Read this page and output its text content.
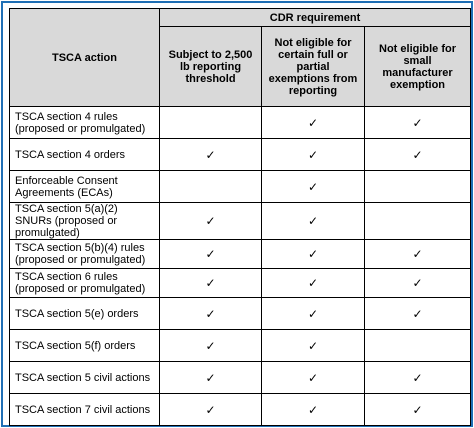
TSCA action	CDR requirement		
	Subject to 2,500 lb reporting threshold	Not eligible for certain full or partial exemptions from reporting	Not eligible for small manufacturer exemption
TSCA section 4 rules (proposed or promulgated)		✓	✓
TSCA section 4 orders	✓	✓	✓
Enforceable Consent Agreements (ECAs)		✓	
TSCA section 5(a)(2) SNURs (proposed or promulgated)	✓	✓	
TSCA section 5(b)(4) rules (proposed or promulgated)	✓	✓	✓
TSCA section 6 rules (proposed or promulgated)	✓	✓	✓
TSCA section 5(e) orders	✓	✓	✓
TSCA section 5(f) orders	✓	✓	
TSCA section 5 civil actions	✓	✓	✓
TSCA section 7 civil actions	✓	✓	✓
